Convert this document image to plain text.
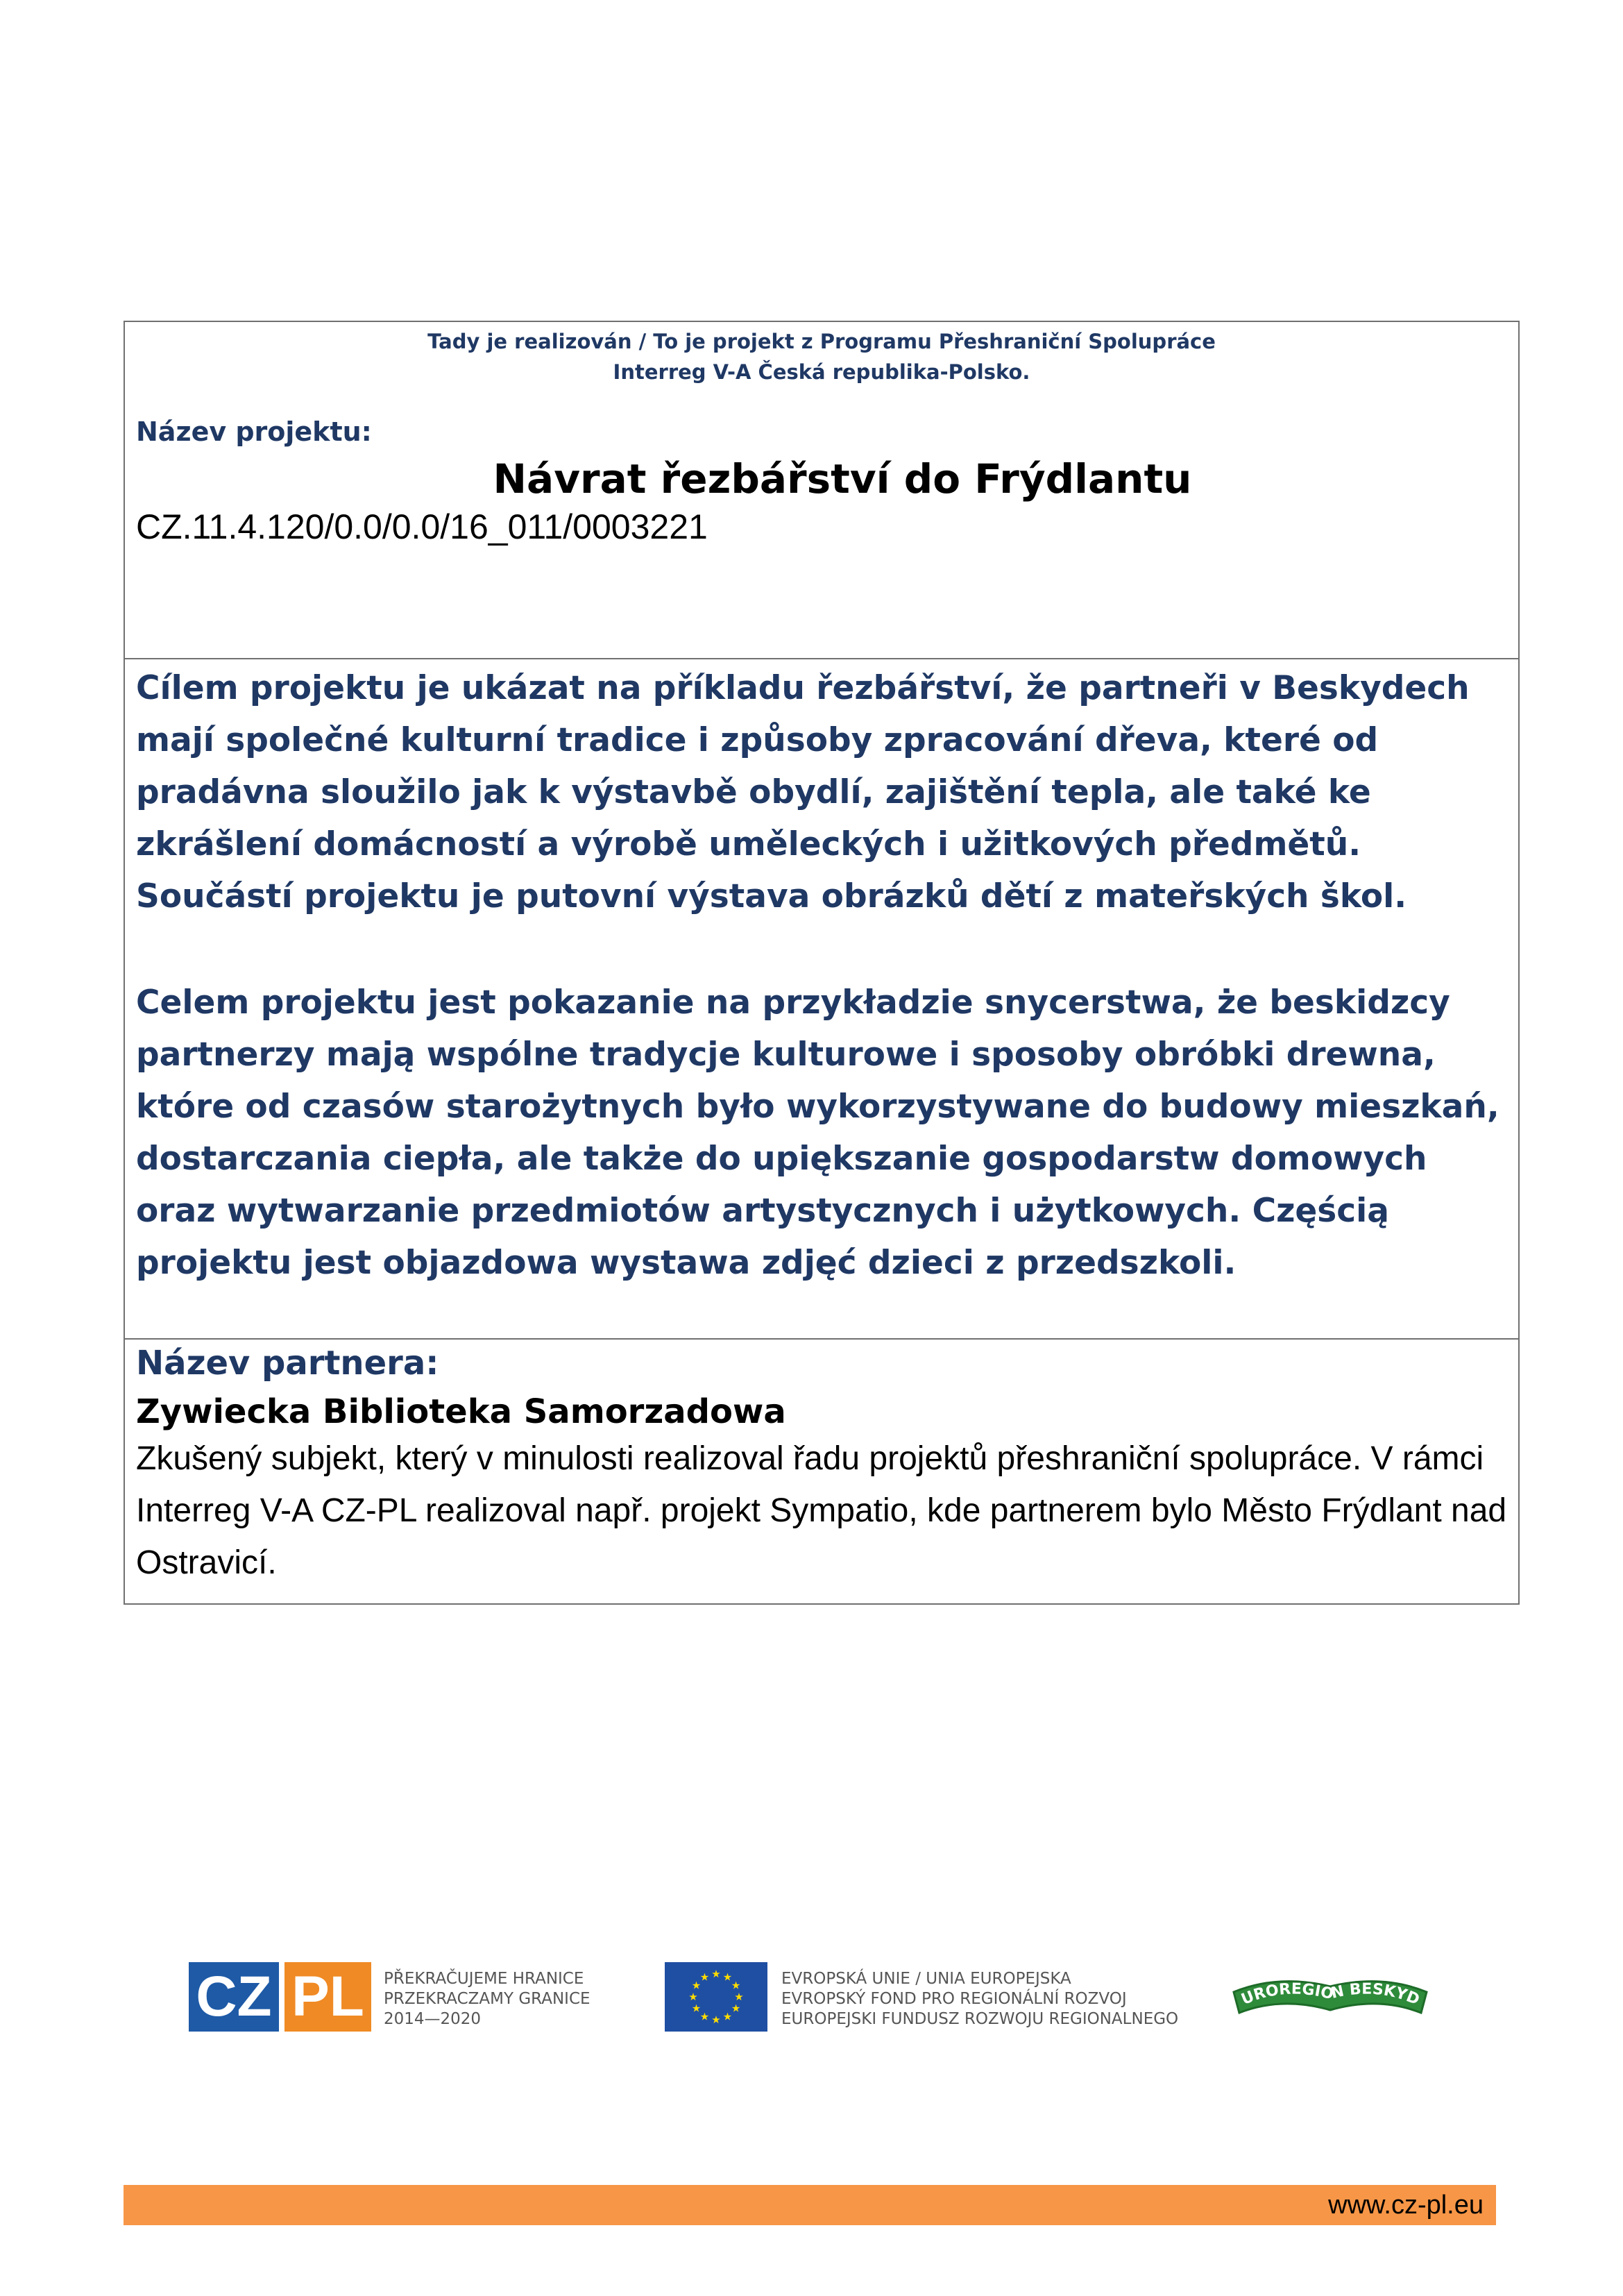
Tady je realizován / To je projekt z Programu Přeshraniční Spolupráce
Interreg V-A Česká republika-Polsko.
Název projektu:
Návrat řezbářství do Frýdlantu
CZ.11.4.120/0.0/0.0/16_011/0003221
Cílem projektu je ukázat na příkladu řezbářství, že partneři v Beskydech mají společné kulturní tradice i způsoby zpracování dřeva, které od pradávna sloužilo jak k výstavbě obydlí, zajištění tepla, ale také ke zkrášlení domácností a výrobě uměleckých i užitkových předmětů. Součástí projektu je putovní výstava obrázků dětí z mateřských škol.
Celem projektu jest pokazanie na przykładzie snycerstwa, że beskidzcy partnerzy mają wspólne tradycje kulturowe i sposoby obróbki drewna, które od czasów starożytnych było wykorzystywane do budowy mieszkań, dostarczania ciepła, ale także do upiększanie gospodarstw domowych oraz wytwarzanie przedmiotów artystycznych i użytkowych. Częścią projektu jest objazdowa wystawa zdjęć dzieci z przedszkoli.
Název partnera:
Zywiecka Biblioteka Samorzadowa
Zkušený subjekt, který v minulosti realizoval řadu projektů přeshraniční spolupráce. V rámci Interreg V-A CZ-PL realizoval např. projekt Sympatio, kde partnerem bylo Město Frýdlant nad Ostravicí.
CZ PL	PŘEKRAČUJEME HRANICE
PRZEKRACZAMY GRANICE
2014—2020
★ ★
★
★
★
★
★
★
★
★
★
★	EVROPSKÁ UNIE / UNIA EUROPEJSKA
EVROPSKÝ FOND PRO REGIONÁLNÍ ROZVOJ
EUROPEJSKI FUNDUSZ ROZWOJU REGIONALNEGO
UROREGION BESKYD
www.cz-pl.eu
